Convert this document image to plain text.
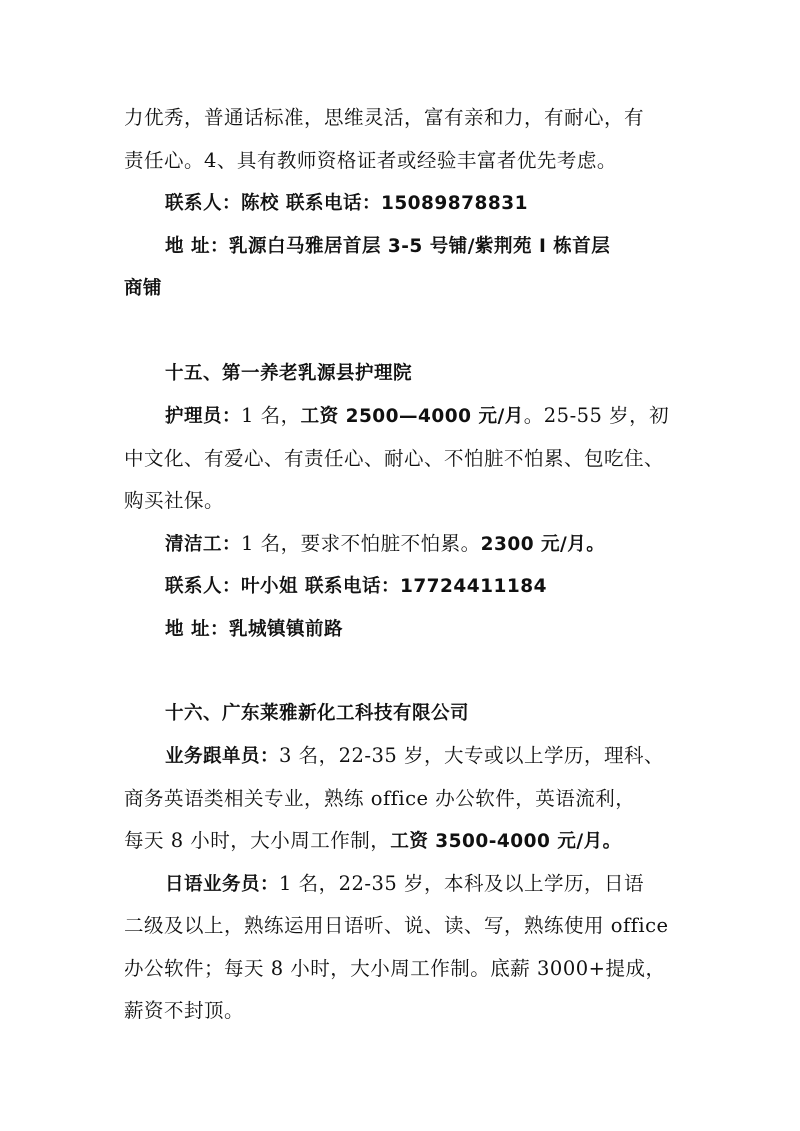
力优秀，普通话标准，思维灵活，富有亲和力，有耐心，有
责任心。4、具有教师资格证者或经验丰富者优先考虑。
联系人：陈校 联系电话：15089878831
地 址：乳源白马雅居首层 3-5 号铺/紫荆苑 I 栋首层
商铺
十五、第一养老乳源县护理院
护理员：1 名，工资 2500—4000 元/月。25-55 岁，初
中文化、有爱心、有责任心、耐心、不怕脏不怕累、包吃住、
购买社保。
清洁工：1 名，要求不怕脏不怕累。2300 元/月。
联系人：叶小姐 联系电话：17724411184
地 址：乳城镇镇前路
十六、广东莱雅新化工科技有限公司
业务跟单员：3 名，22-35 岁，大专或以上学历，理科、
商务英语类相关专业，熟练 office 办公软件，英语流利，
每天 8 小时，大小周工作制，工资 3500-4000 元/月。
日语业务员：1 名，22-35 岁，本科及以上学历，日语
二级及以上，熟练运用日语听、说、读、写，熟练使用 office
办公软件；每天 8 小时，大小周工作制。底薪 3000+提成，
薪资不封顶。
